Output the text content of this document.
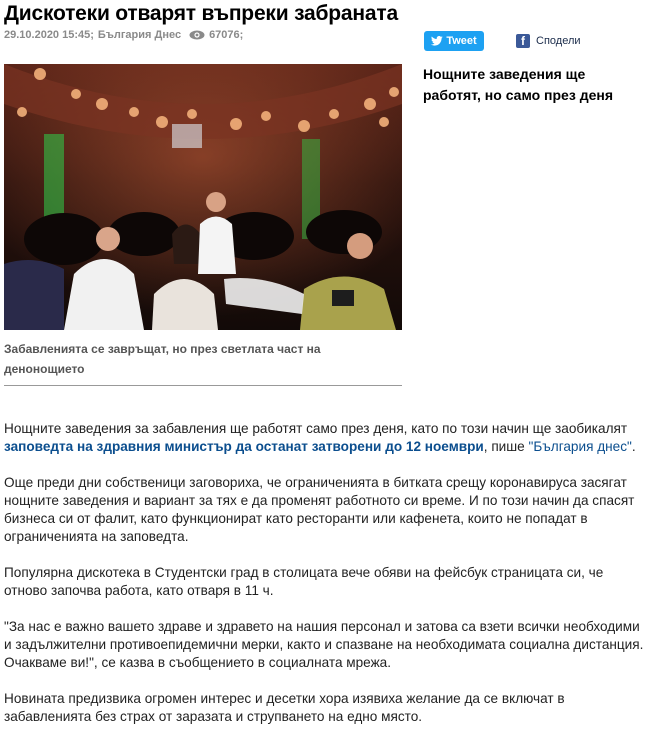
Дискотеки отварят въпреки забраната
29.10.2020 15:45; България Днес	67076;	Tweet	f	Сподели

Нощните заведения ще работят, но само през деня

Забавленията се завръщат, но през светлата част на денонощието

Нощните заведения за забавления ще работят само през деня, като по този начин ще заобикалят заповедта на здравния министър да останат затворени до 12 ноември, пише "България днес".

Още преди дни собственици заговориха, че ограниченията в битката срещу коронавируса засягат нощните заведения и вариант за тях е да променят работното си време. И по този начин да спасят бизнеса си от фалит, като функционират като ресторанти или кафенета, които не попадат в ограниченията на заповедта.

Популярна дискотека в Студентски град в столицата вече обяви на фейсбук страницата си, че отново започва работа, като отваря в 11 ч.

"За нас е важно вашето здраве и здравето на нашия персонал и затова са взети всички необходими и задължителни противоепидемични мерки, както и спазване на необходимата социална дистанция. Очакваме ви!", се казва в съобщението в социалната мрежа.

Новината предизвика огромен интерес и десетки хора изявиха желание да се включат в забавленията без страх от заразата и струпването на едно място.
